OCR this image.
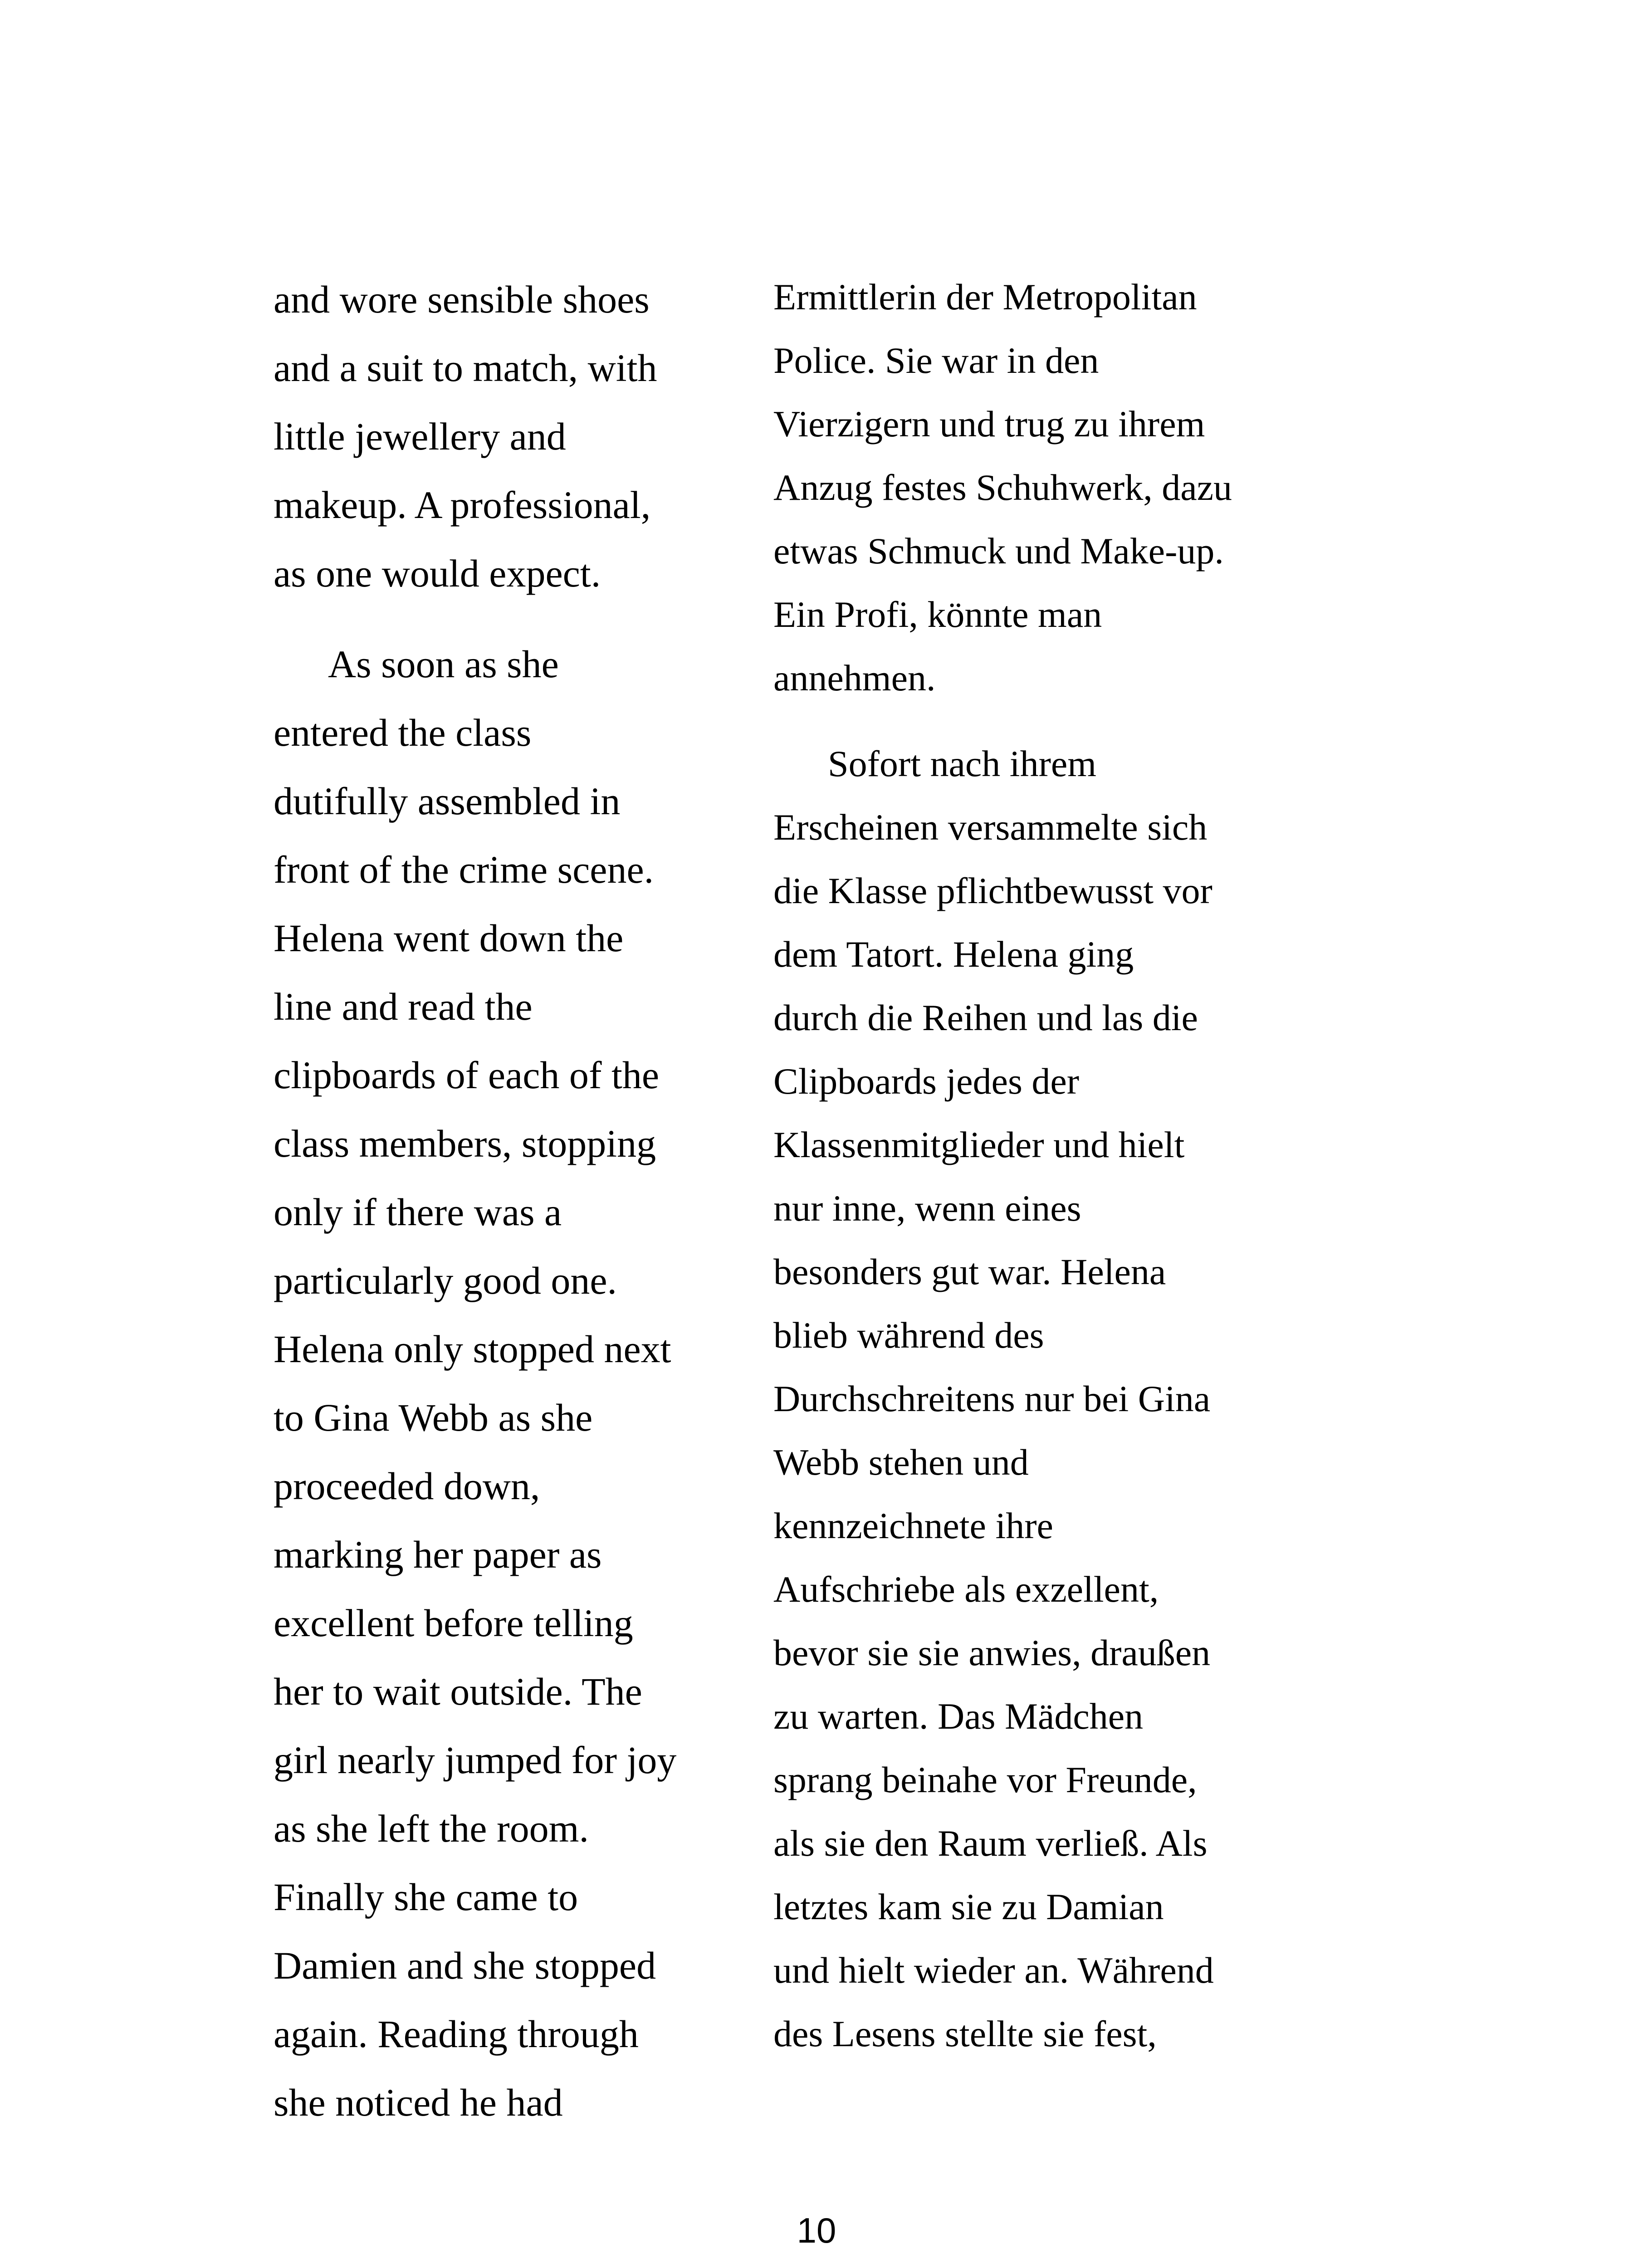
and wore sensible shoes
and a suit to match, with
little jewellery and
makeup. A professional,
as one would expect.
As soon as she
entered the class
dutifully assembled in
front of the crime scene.
Helena went down the
line and read the
clipboards of each of the
class members, stopping
only if there was a
particularly good one.
Helena only stopped next
to Gina Webb as she
proceeded down,
marking her paper as
excellent before telling
her to wait outside. The
girl nearly jumped for joy
as she left the room.
Finally she came to
Damien and she stopped
again. Reading through
she noticed he had
Ermittlerin der Metropolitan
Police. Sie war in den
Vierzigern und trug zu ihrem
Anzug festes Schuhwerk, dazu
etwas Schmuck und Make-up.
Ein Profi, könnte man
annehmen.
Sofort nach ihrem
Erscheinen versammelte sich
die Klasse pflichtbewusst vor
dem Tatort. Helena ging
durch die Reihen und las die
Clipboards jedes der
Klassenmitglieder und hielt
nur inne, wenn eines
besonders gut war. Helena
blieb während des
Durchschreitens nur bei Gina
Webb stehen und
kennzeichnete ihre
Aufschriebe als exzellent,
bevor sie sie anwies, draußen
zu warten. Das Mädchen
sprang beinahe vor Freunde,
als sie den Raum verließ. Als
letztes kam sie zu Damian
und hielt wieder an. Während
des Lesens stellte sie fest,
10
